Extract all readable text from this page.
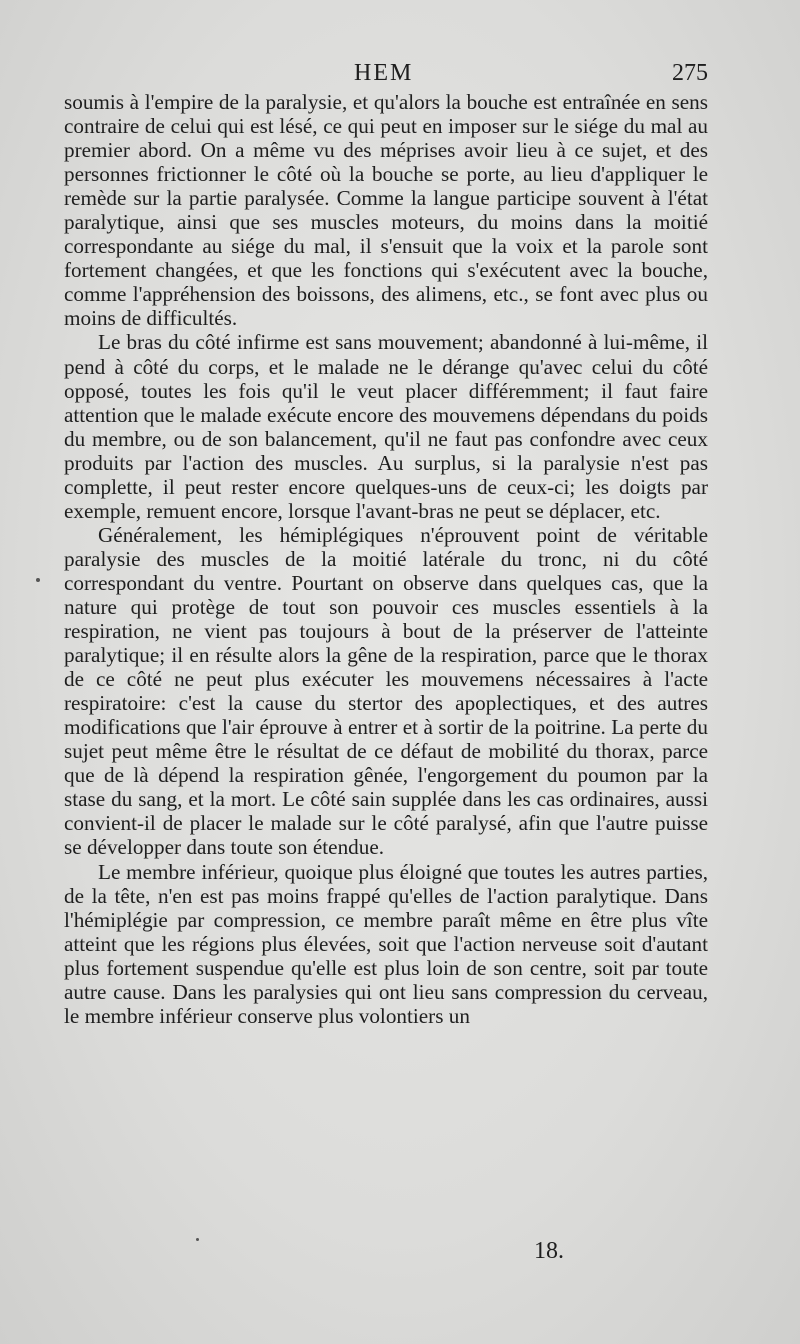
HEM	275

soumis à l'empire de la paralysie, et qu'alors la bouche est entraînée en sens contraire de celui qui est lésé, ce qui peut en imposer sur le siége du mal au premier abord. On a même vu des méprises avoir lieu à ce sujet, et des personnes frictionner le côté où la bouche se porte, au lieu d'appliquer le remède sur la partie paralysée. Comme la langue participe souvent à l'état paralytique, ainsi que ses muscles moteurs, du moins dans la moitié correspondante au siége du mal, il s'ensuit que la voix et la parole sont fortement changées, et que les fonctions qui s'exécutent avec la bouche, comme l'appréhension des boissons, des alimens, etc., se font avec plus ou moins de difficultés.

Le bras du côté infirme est sans mouvement; abandonné à lui-même, il pend à côté du corps, et le malade ne le dérange qu'avec celui du côté opposé, toutes les fois qu'il le veut placer différemment; il faut faire attention que le malade exécute encore des mouvemens dépendans du poids du membre, ou de son balancement, qu'il ne faut pas confondre avec ceux produits par l'action des muscles. Au surplus, si la paralysie n'est pas complette, il peut rester encore quelques-uns de ceux-ci; les doigts par exemple, remuent encore, lorsque l'avant-bras ne peut se déplacer, etc.

Généralement, les hémiplégiques n'éprouvent point de véritable paralysie des muscles de la moitié latérale du tronc, ni du côté correspondant du ventre. Pourtant on observe dans quelques cas, que la nature qui protège de tout son pouvoir ces muscles essentiels à la respiration, ne vient pas toujours à bout de la préserver de l'atteinte paralytique; il en résulte alors la gêne de la respiration, parce que le thorax de ce côté ne peut plus exécuter les mouvemens nécessaires à l'acte respiratoire: c'est la cause du stertor des apoplectiques, et des autres modifications que l'air éprouve à entrer et à sortir de la poitrine. La perte du sujet peut même être le résultat de ce défaut de mobilité du thorax, parce que de là dépend la respiration gênée, l'engorgement du poumon par la stase du sang, et la mort. Le côté sain supplée dans les cas ordinaires, aussi convient-il de placer le malade sur le côté paralysé, afin que l'autre puisse se développer dans toute son étendue.

Le membre inférieur, quoique plus éloigné que toutes les autres parties, de la tête, n'en est pas moins frappé qu'elles de l'action paralytique. Dans l'hémiplégie par compression, ce membre paraît même en être plus vîte atteint que les régions plus élevées, soit que l'action nerveuse soit d'autant plus fortement suspendue qu'elle est plus loin de son centre, soit par toute autre cause. Dans les paralysies qui ont lieu sans compression du cerveau, le membre inférieur conserve plus volontiers un

18.
